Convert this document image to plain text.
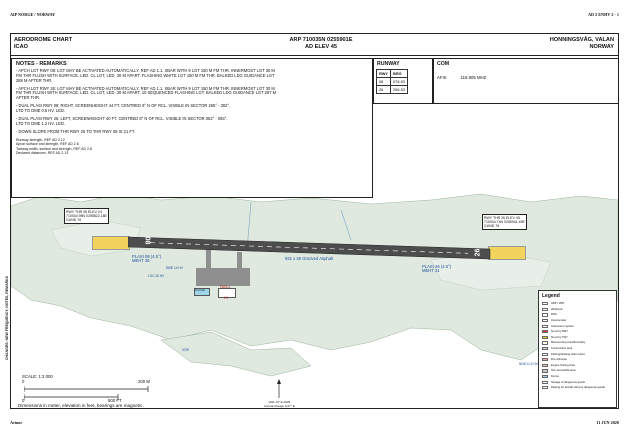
AIP NORGE / NORWAY	AD 2 ENHV 2 - 1
08
26
RWY THR 08 ELEV 24
710034.98N 0255822.18E
GUND 76
RWY THR 26 ELEV 45
710034.74N 0255941.45E
GUND 76
PLASI 08 (4.5°)
MEHT 26
PLASI 26 (4.5°)
MEHT 21
921 x 30 Grooved Asphalt
DME 14 HV
LOC 26 HV
Terminal
FATA-1
H1
VOR
NDB 11.5 HV
VAR 14° E 2026
Annual change 0.27° E
CHANGES: NEW FREQUENCY, NOTES, REMARKS
AERODROME CHART
ICAO
ARP 710035N 0255901E
AD ELEV 45
HONNINGSVÅG, VALAN
NORWAY
NOTES - REMARKS

- APCH LGT RWY 08: LGT MAY BE ACTIVATED AUTOMATICALLY, REF AD 1.1. XBAR WITH 9 LGT 150 M FM THR. INNERMOST LGT 30 M
FM THR FLUSH WITH SURFACE. LED. CL LGT, LED. 30 M APART. FLASHING WHITE LGT 150 M FM THR. BALKED LDG GUIDANCE LGT
288 M AFTER THR.

- APCH LGT RWY 26: LGT MAY BE ACTIVATED AUTOMATICALLY, REF AD 1.1. XBAR WITH 9 LGT 150 M FM THR. INNERMOST LGT 30 M
FM THR FLUSH WITH SURFACE. LED. CL LGT, LED. 30 M APART. 10 SEQUENCED FLASHING LGT. BALKED LDG GUIDANCE LGT 287 M
AFTER THR.

- DUAL PLASI RWY 08: RIGHT, SCREENHEIGHT 44 FT. CENTRED 8° N OF RCL. VISIBLE IN SECTOR 265° - 302°.
LTD TO DME 0.5 HV. LED.

- DUAL PLASI RWY 26: LEFT, SCREENHEIGHT 40 FT. CENTRED 8° N OF RCL. VISIBLE IN SECTOR 052° - 093°.
LTD TO DME 1.2 HV. LED.

- DOWN SLOPE FROM THR RWY 26 TO THR RWY 08 IS 21 FT.

Runway strength, REF AD 2.12
Apron surface and strength, REF AD 2.8
Taxiway width, surface and strength, REF AD 2.8
Declared distances, REF AD 2.13
RUNWAY
RWY	BRG
08	076.53
26	256.53
COM
AFIS	119.805 MHZ
SCALE: 1:3 000
0	200 M
0	500 FT
Dimensions in meter, elevation in feet, bearings are magnetic.
Legend
ARP / VRP
Windsock
RVR
Anemometer
Instrument rwy/taxi
No entry RWY
No entry TWY
Manoeuvring Area Boundary
Construction area
Parking/docking chart extent
Fire drill area
Engine Testing Area
Non-accessible area
De-Ice
Storage of dangerous goods
Parking for aircraft carrying dangerous goods
Avinor	11 JUN 2020
